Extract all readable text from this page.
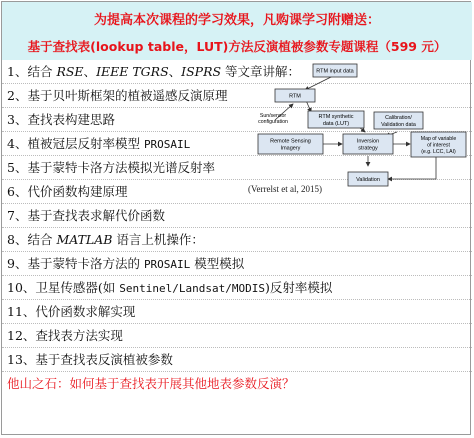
为提高本次课程的学习效果，凡购课学习附赠送：
基于查找表(lookup table，LUT)方法反演植被参数专题课程（599 元）
1、结合 RSE、IEEE TGRS、ISPRS 等文章讲解：
2、基于贝叶斯框架的植被遥感反演原理
3、查找表构建思路
4、植被冠层反射率模型 PROSAIL
5、基于蒙特卡洛方法模拟光谱反射率
6、代价函数构建原理
7、基于查找表求解代价函数
8、结合 MATLAB 语言上机操作：
9、基于蒙特卡洛方法的 PROSAIL 模型模拟
10、卫星传感器(如 Sentinel/Landsat/MODIS)反射率模拟
11、代价函数求解实现
12、查找表方法实现
13、基于查找表反演植被参数
他山之石：如何基于查找表开展其他地表参数反演？
RTM input data
RTM
RTM synthetic
data (LUT)
Sun/sensor
configuration
Calibration/
Validation data
Remote Sensing
Imagery
Inversion
strategy
Map of variable
of interest
(e.g. LCC, LAI)
Validation
(Verrelst et al, 2015)
